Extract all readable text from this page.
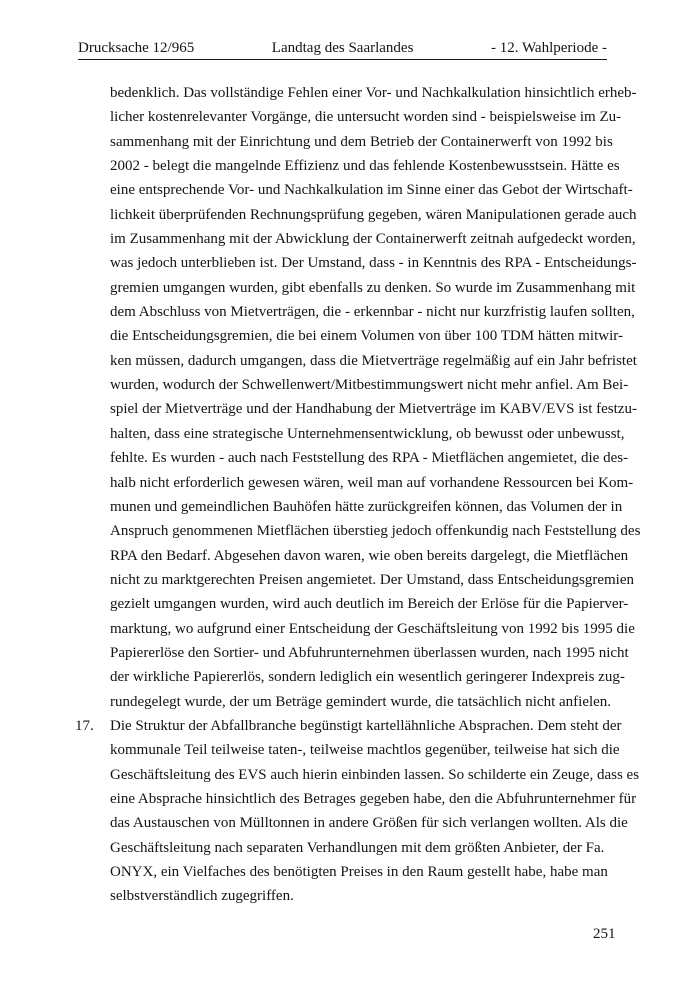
Drucksache 12/965	Landtag des Saarlandes	- 12. Wahlperiode -
bedenklich. Das vollständige Fehlen einer Vor- und Nachkalkulation hinsichtlich erheb-
licher kostenrelevanter Vorgänge, die untersucht worden sind - beispielsweise im Zu-
sammenhang mit der Einrichtung und dem Betrieb der Containerwerft von 1992 bis
2002 - belegt die mangelnde Effizienz und das fehlende Kostenbewusstsein. Hätte es
eine entsprechende Vor- und Nachkalkulation im Sinne einer das Gebot der Wirtschaft-
lichkeit überprüfenden Rechnungsprüfung gegeben, wären Manipulationen gerade auch
im Zusammenhang mit der Abwicklung der Containerwerft zeitnah aufgedeckt worden,
was jedoch unterblieben ist. Der Umstand, dass - in Kenntnis des RPA - Entscheidungs-
gremien umgangen wurden, gibt ebenfalls zu denken. So wurde im Zusammenhang mit
dem Abschluss von Mietverträgen, die - erkennbar - nicht nur kurzfristig laufen sollten,
die Entscheidungsgremien, die bei einem Volumen von über 100 TDM hätten mitwir-
ken müssen, dadurch umgangen, dass die Mietverträge regelmäßig auf ein Jahr befristet
wurden, wodurch der Schwellenwert/Mitbestimmungswert nicht mehr anfiel. Am Bei-
spiel der Mietverträge und der Handhabung der Mietverträge im KABV/EVS ist festzu-
halten, dass eine strategische Unternehmensentwicklung, ob bewusst oder unbewusst,
fehlte. Es wurden - auch nach Feststellung des RPA - Mietflächen angemietet, die des-
halb nicht erforderlich gewesen wären, weil man auf vorhandene Ressourcen bei Kom-
munen und gemeindlichen Bauhöfen hätte zurückgreifen können, das Volumen der in
Anspruch genommenen Mietflächen überstieg jedoch offenkundig nach Feststellung des
RPA den Bedarf. Abgesehen davon waren, wie oben bereits dargelegt, die Mietflächen
nicht zu marktgerechten Preisen angemietet. Der Umstand, dass Entscheidungsgremien
gezielt umgangen wurden, wird auch deutlich im Bereich der Erlöse für die Papierver-
marktung, wo aufgrund einer Entscheidung der Geschäftsleitung von 1992 bis 1995 die
Papiererlöse den Sortier- und Abfuhrunternehmen überlassen wurden, nach 1995 nicht
der wirkliche Papiererlös, sondern lediglich ein wesentlich geringerer Indexpreis zug-
rundegelegt wurde, der um Beträge gemindert wurde, die tatsächlich nicht anfielen.
17. Die Struktur der Abfallbranche begünstigt kartellähnliche Absprachen. Dem steht der
kommunale Teil teilweise taten-, teilweise machtlos gegenüber, teilweise hat sich die
Geschäftsleitung des EVS auch hierin einbinden lassen. So schilderte ein Zeuge, dass es
eine Absprache hinsichtlich des Betrages gegeben habe, den die Abfuhrunternehmer für
das Austauschen von Mülltonnen in andere Größen für sich verlangen wollten. Als die
Geschäftsleitung nach separaten Verhandlungen mit dem größten Anbieter, der Fa.
ONYX, ein Vielfaches des benötigten Preises in den Raum gestellt habe, habe man
selbstverständlich zugegriffen.
251
